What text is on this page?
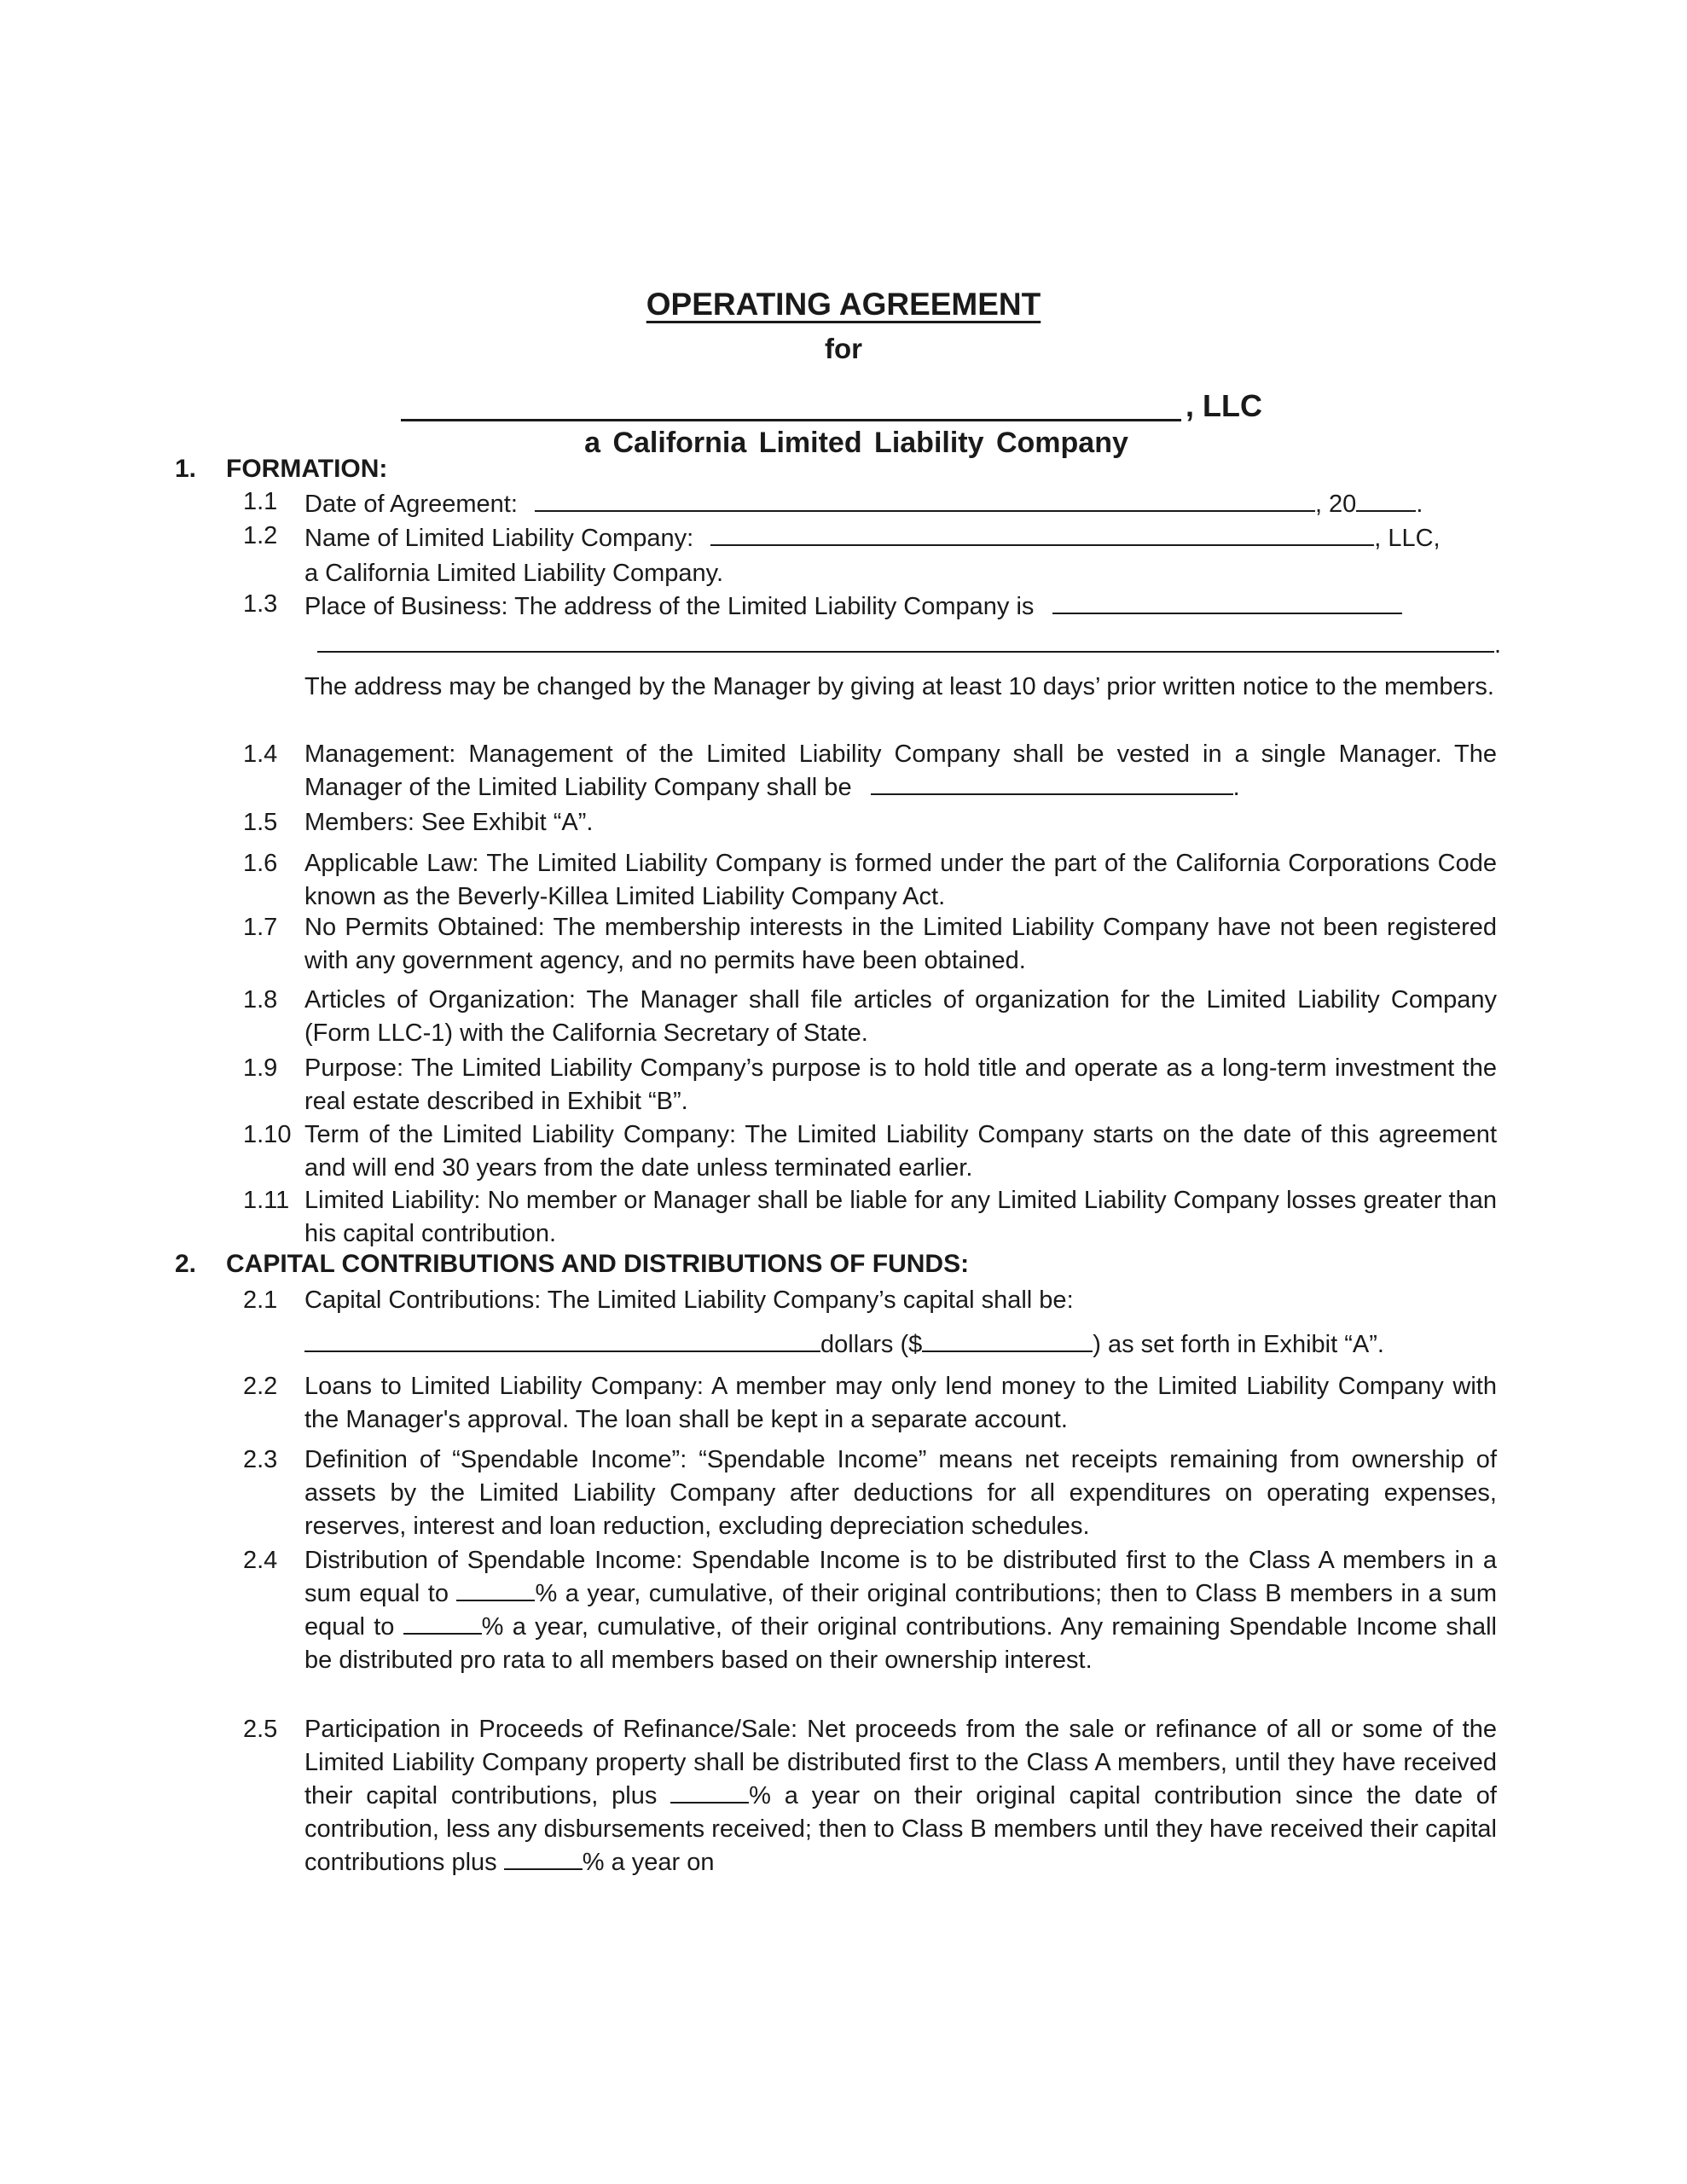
OPERATING AGREEMENT
for
, LLC
a California Limited Liability Company
1. FORMATION:
1.1 Date of Agreement:	, 20 .
1.2 Name of Limited Liability Company:	, LLC,
a California Limited Liability Company.
1.3 Place of Business: The address of the Limited Liability Company is
.
The address may be changed by the Manager by giving at least 10 days’ prior written notice to the members.
1.4 Management: Management of the Limited Liability Company shall be vested in a single Manager. The Manager of the Limited Liability Company shall be	.
1.5 Members: See Exhibit “A”.
1.6 Applicable Law: The Limited Liability Company is formed under the part of the California Corporations Code known as the Beverly-Killea Limited Liability Company Act.
1.7 No Permits Obtained: The membership interests in the Limited Liability Company have not been registered with any government agency, and no permits have been obtained.
1.8 Articles of Organization: The Manager shall file articles of organization for the Limited Liability Company (Form LLC-1) with the California Secretary of State.
1.9 Purpose: The Limited Liability Company’s purpose is to hold title and operate as a long-term investment the real estate described in Exhibit “B”.
1.10 Term of the Limited Liability Company: The Limited Liability Company starts on the date of this agreement and will end 30 years from the date unless terminated earlier.
1.11 Limited Liability: No member or Manager shall be liable for any Limited Liability Company losses greater than his capital contribution.
2. CAPITAL CONTRIBUTIONS AND DISTRIBUTIONS OF FUNDS:
2.1 Capital Contributions: The Limited Liability Company’s capital shall be:
dollars ($	) as set forth in Exhibit “A”.
2.2 Loans to Limited Liability Company: A member may only lend money to the Limited Liability Company with the Manager's approval. The loan shall be kept in a separate account.
2.3 Definition of “Spendable Income”: “Spendable Income” means net receipts remaining from ownership of assets by the Limited Liability Company after deductions for all expenditures on operating expenses, reserves, interest and loan reduction, excluding depreciation schedules.
2.4 Distribution of Spendable Income: Spendable Income is to be distributed first to the Class A members in a sum equal to	% a year, cumulative, of their original contributions; then to Class B members in a sum equal to	% a year, cumulative, of their original contributions. Any remaining Spendable Income shall be distributed pro rata to all members based on their ownership interest.
2.5 Participation in Proceeds of Refinance/Sale: Net proceeds from the sale or refinance of all or some of the Limited Liability Company property shall be distributed first to the Class A members, until they have received their capital contributions, plus	% a year on their original capital contribution since the date of contribution, less any disbursements received; then to Class B members until they have received their capital contributions plus	% a year on
